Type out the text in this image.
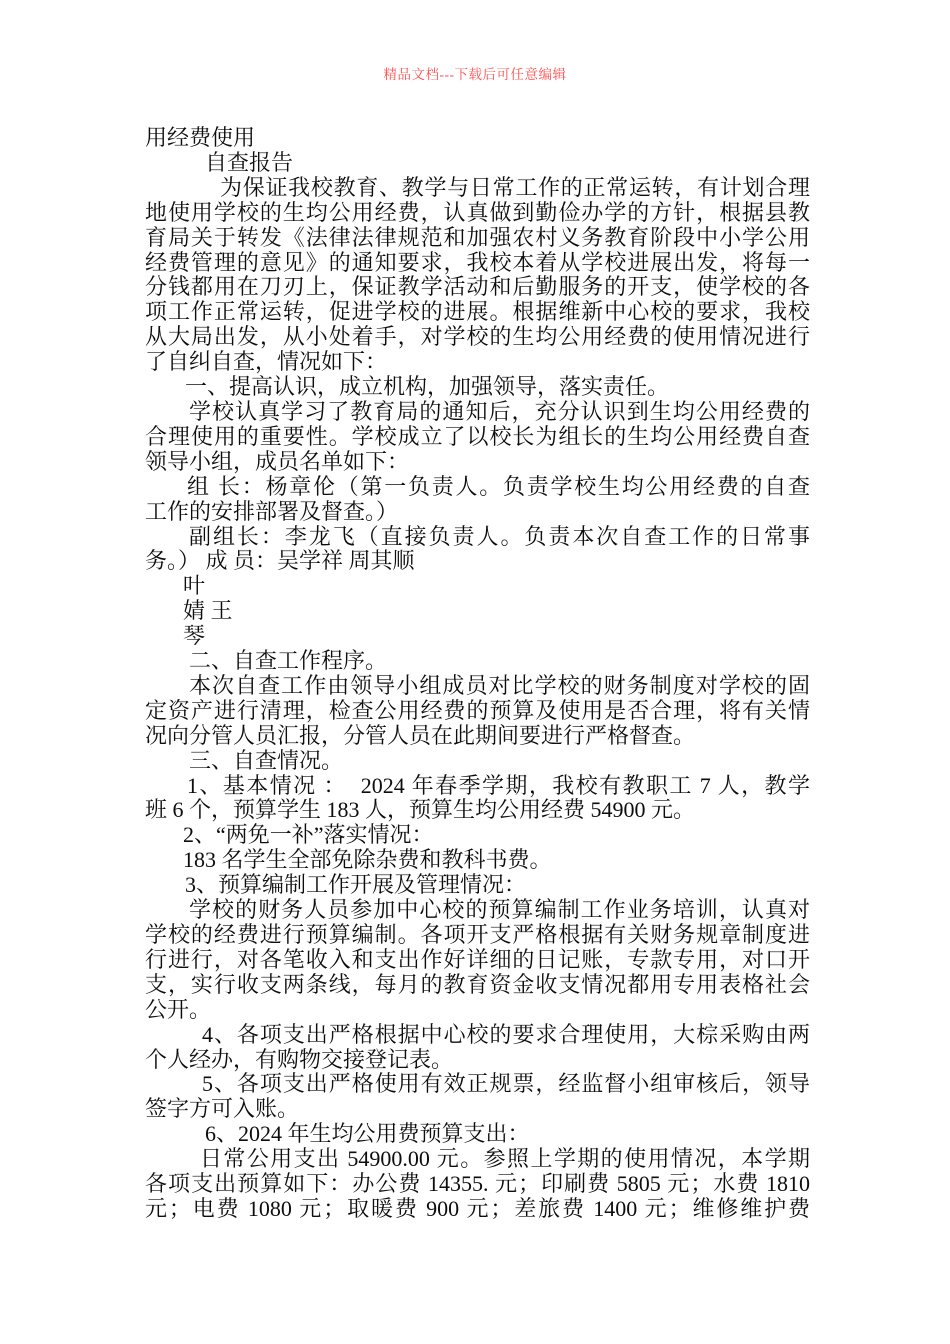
精品文档---下载后可任意编辑
用经费使用
自查报告
为保证我校教育、教学与日常工作的正常运转，有计划合理
地使用学校的生均公用经费，认真做到勤俭办学的方针，根据县教
育局关于转发《法律法律规范和加强农村义务教育阶段中小学公用
经费管理的意见》的通知要求，我校本着从学校进展出发，将每一
分钱都用在刀刃上，保证教学活动和后勤服务的开支，使学校的各
项工作正常运转，促进学校的进展。根据维新中心校的要求，我校
从大局出发，从小处着手，对学校的生均公用经费的使用情况进行
了自纠自查，情况如下：
一、提高认识，成立机构，加强领导，落实责任。
学校认真学习了教育局的通知后，充分认识到生均公用经费的
合理使用的重要性。学校成立了以校长为组长的生均公用经费自查
领导小组，成员名单如下：
组 长：杨章伦（第一负责人。负责学校生均公用经费的自查
工作的安排部署及督查。）
副组长：李龙飞（直接负责人。负责本次自查工作的日常事
务。） 成 员：吴学祥 周其顺
叶
婧 王
琴
二、自查工作程序。
本次自查工作由领导小组成员对比学校的财务制度对学校的固
定资产进行清理，检查公用经费的预算及使用是否合理，将有关情
况向分管人员汇报，分管人员在此期间要进行严格督查。
三、自查情况。
1、基本情况 ：  2024 年春季学期，我校有教职工 7 人，教学
班 6 个，预算学生 183 人，预算生均公用经费 54900 元。
2、“两免一补”落实情况：
183 名学生全部免除杂费和教科书费。
3、预算编制工作开展及管理情况：
学校的财务人员参加中心校的预算编制工作业务培训，认真对
学校的经费进行预算编制。各项开支严格根据有关财务规章制度进
行进行，对各笔收入和支出作好详细的日记账，专款专用，对口开
支，实行收支两条线，每月的教育资金收支情况都用专用表格社会
公开。
4、各项支出严格根据中心校的要求合理使用，大棕采购由两
个人经办，有购物交接登记表。
5、各项支出严格使用有效正规票，经监督小组审核后，领导
签字方可入账。
6、2024 年生均公用费预算支出：
日常公用支出 54900.00 元。参照上学期的使用情况，本学期
各项支出预算如下：办公费 14355. 元；印刷费 5805 元；水费 1810
元；电费 1080 元；取暖费 900 元；差旅费 1400 元；维修维护费
